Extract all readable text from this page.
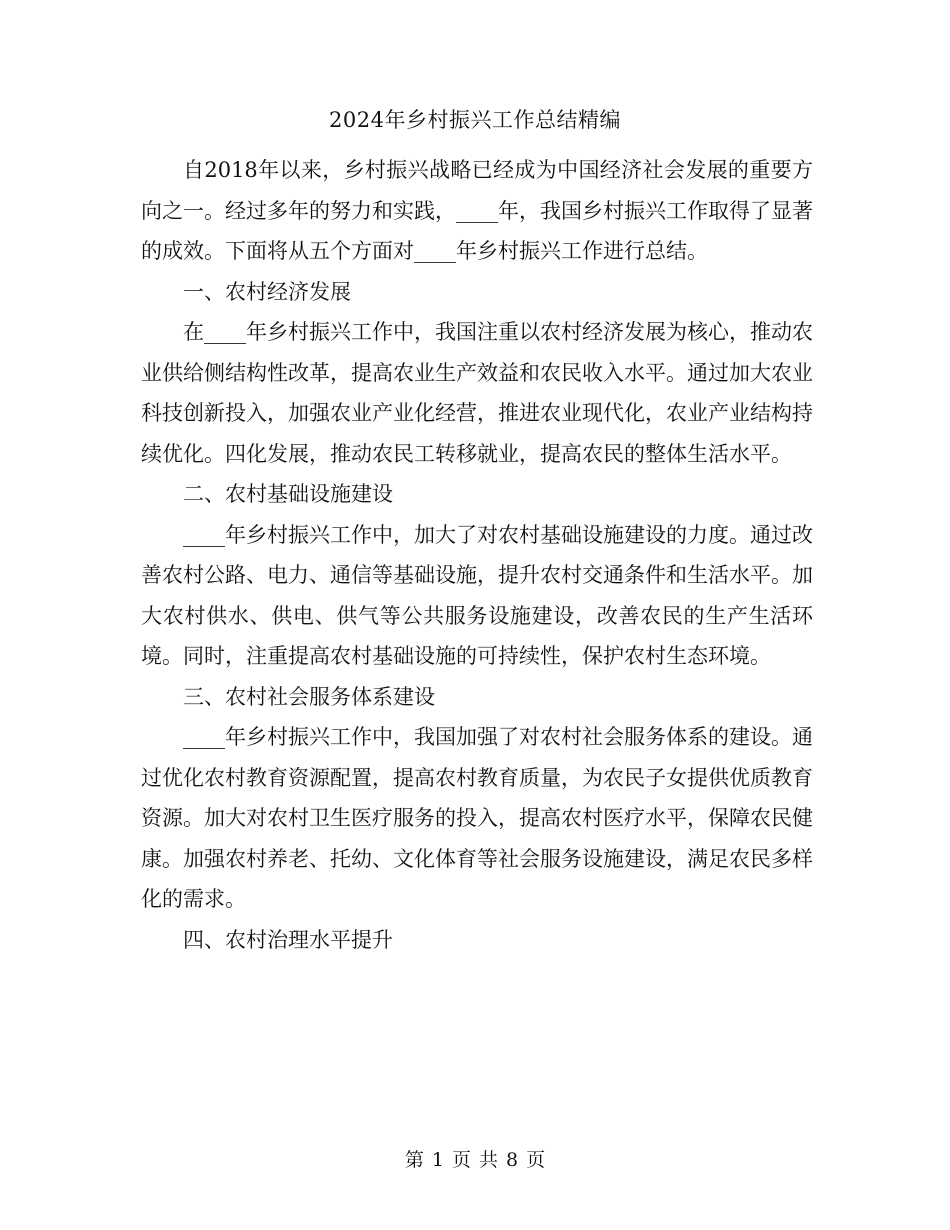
2024年乡村振兴工作总结精编

自2018年以来，乡村振兴战略已经成为中国经济社会发展的重要方向之一。经过多年的努力和实践，____年，我国乡村振兴工作取得了显著的成效。下面将从五个方面对____年乡村振兴工作进行总结。

一、农村经济发展

在____年乡村振兴工作中，我国注重以农村经济发展为核心，推动农业供给侧结构性改革，提高农业生产效益和农民收入水平。通过加大农业科技创新投入，加强农业产业化经营，推进农业现代化，农业产业结构持续优化。四化发展，推动农民工转移就业，提高农民的整体生活水平。

二、农村基础设施建设

____年乡村振兴工作中，加大了对农村基础设施建设的力度。通过改善农村公路、电力、通信等基础设施，提升农村交通条件和生活水平。加大农村供水、供电、供气等公共服务设施建设，改善农民的生产生活环境。同时，注重提高农村基础设施的可持续性，保护农村生态环境。

三、农村社会服务体系建设

____年乡村振兴工作中，我国加强了对农村社会服务体系的建设。通过优化农村教育资源配置，提高农村教育质量，为农民子女提供优质教育资源。加大对农村卫生医疗服务的投入，提高农村医疗水平，保障农民健康。加强农村养老、托幼、文化体育等社会服务设施建设，满足农民多样化的需求。

四、农村治理水平提升
第 1 页 共 8 页
